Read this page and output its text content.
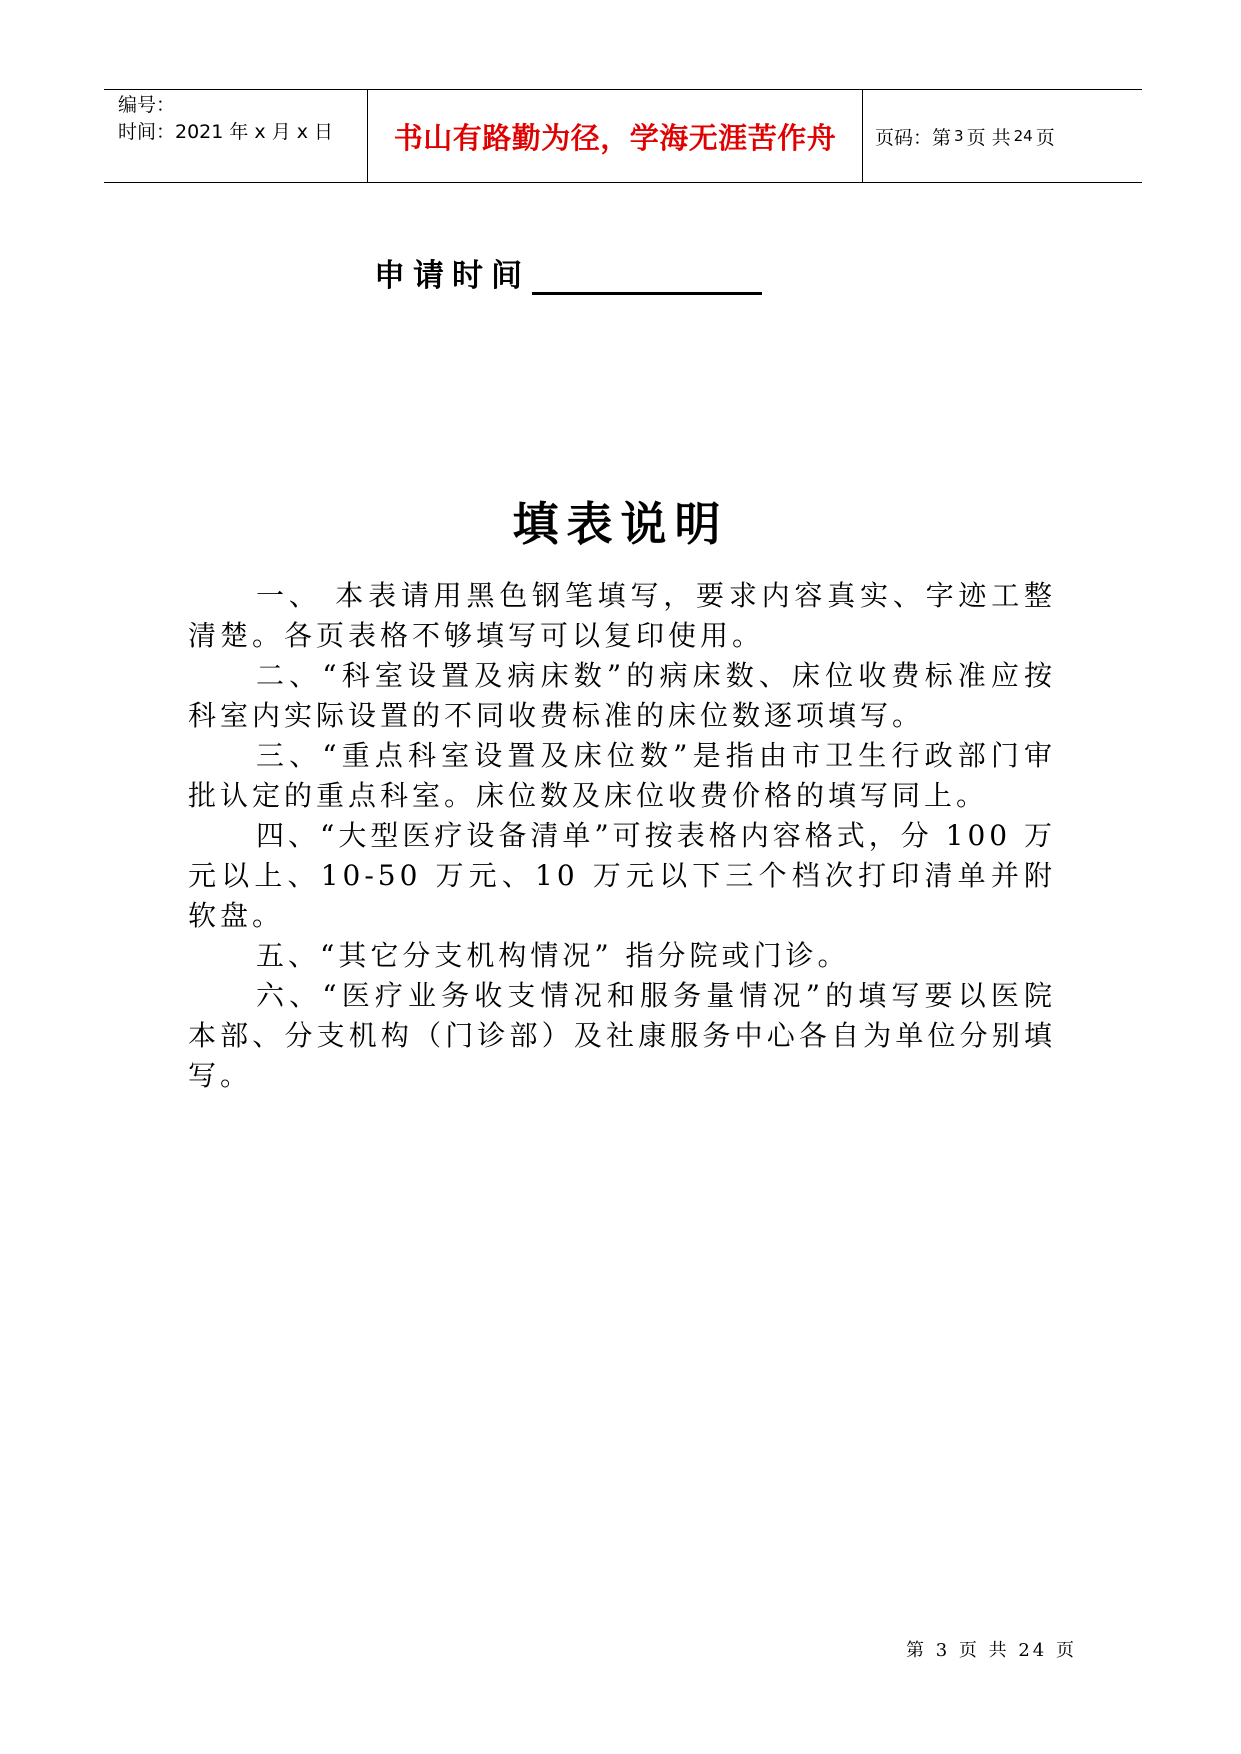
编号：
时间：2021 年 x 月 x 日	书山有路勤为径，学海无涯苦作舟	页码：第 3 页 共 24 页
申请时间
填表说明

一、 本表请用黑色钢笔填写，要求内容真实、字迹工整清楚。各页表格不够填写可以复印使用。

二、“科室设置及病床数”的病床数、床位收费标准应按科室内实际设置的不同收费标准的床位数逐项填写。

三、“重点科室设置及床位数”是指由市卫生行政部门审批认定的重点科室。床位数及床位收费价格的填写同上。

四、“大型医疗设备清单”可按表格内容格式，分 100 万元以上、10-50 万元、10 万元以下三个档次打印清单并附软盘。

五、“其它分支机构情况” 指分院或门诊。

六、“医疗业务收支情况和服务量情况”的填写要以医院本部、分支机构（门诊部）及社康服务中心各自为单位分别填写。

第 3 页 共 24 页
